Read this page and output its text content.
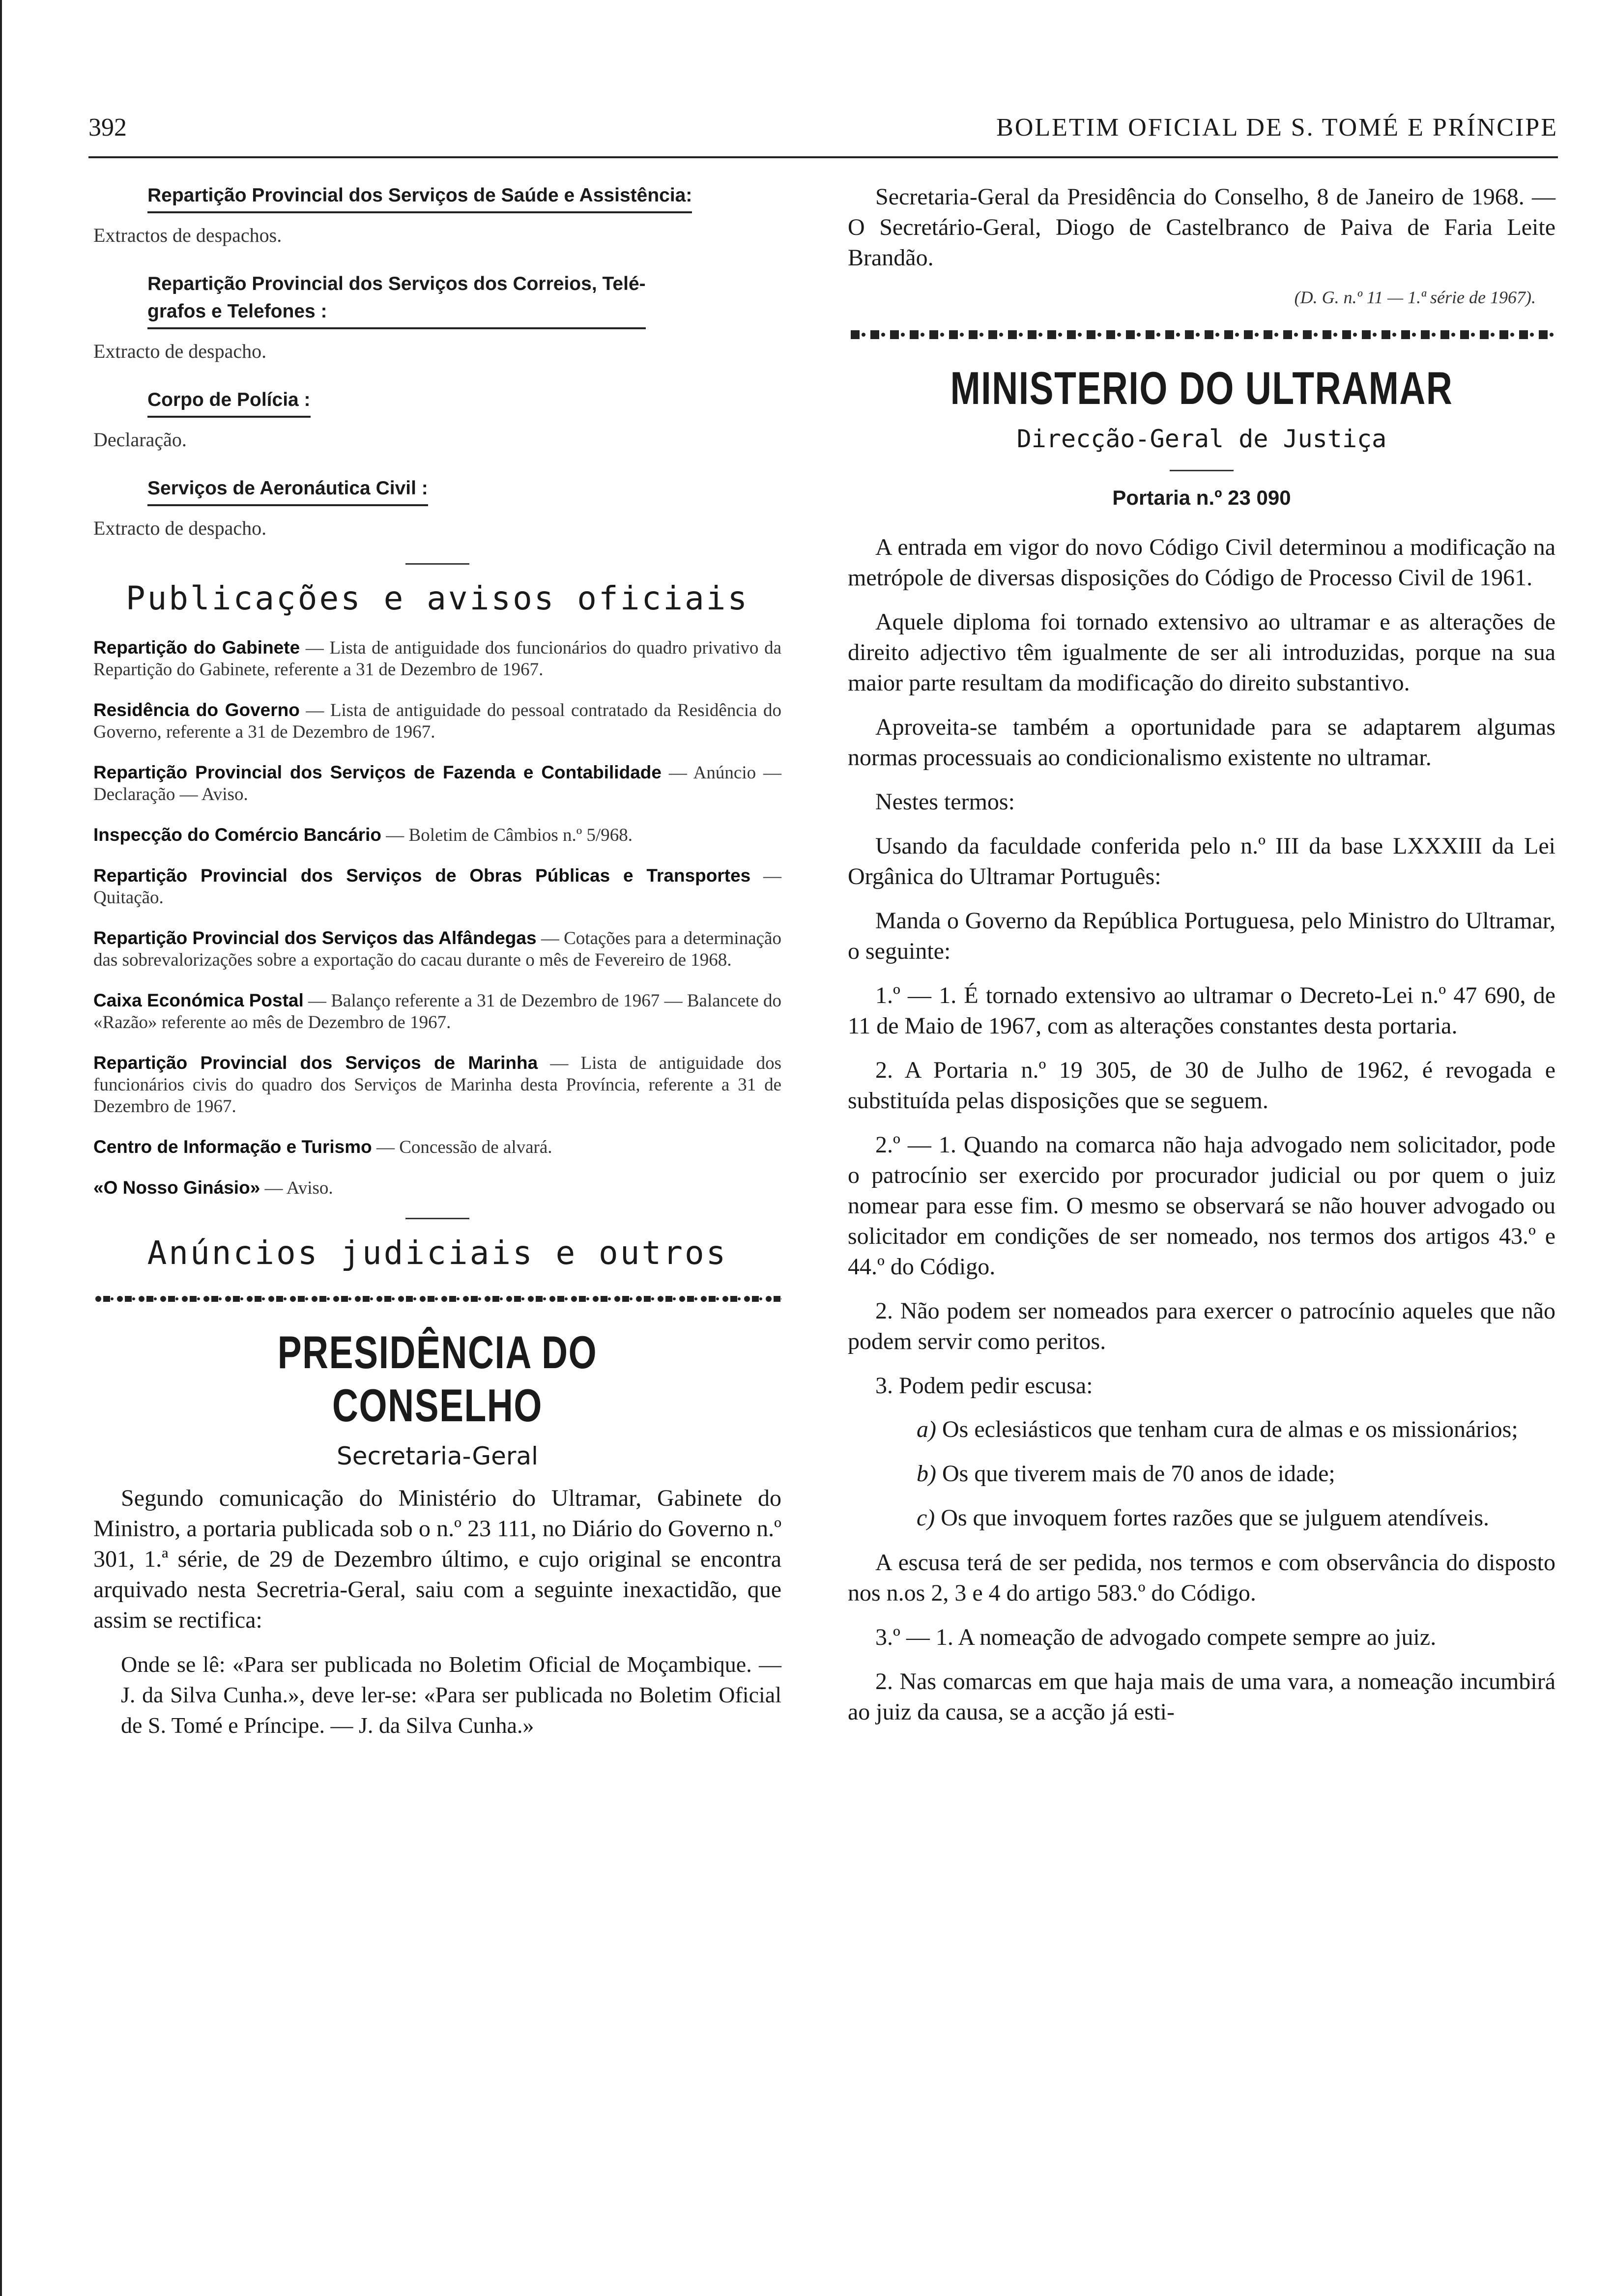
392	BOLETIM OFICIAL DE S. TOMÉ E PRÍNCIPE
Repartição Provincial dos Serviços de Saúde e Assistência:
Extractos de despachos.
Repartição Provincial dos Serviços dos Correios, Telé-
grafos e Telefones :
Extracto de despacho.
Corpo de Polícia :
Declaração.
Serviços de Aeronáutica Civil :
Extracto de despacho.
Publicações e avisos oficiais
Repartição do Gabinete — Lista de antiguidade dos funcionários do quadro privativo da Repartição do Gabinete, referente a 31 de Dezembro de 1967.
Residência do Governo — Lista de antiguidade do pessoal contratado da Residência do Governo, referente a 31 de Dezembro de 1967.
Repartição Provincial dos Serviços de Fazenda e Contabilidade — Anúncio — Declaração — Aviso.
Inspecção do Comércio Bancário — Boletim de Câmbios n.º 5/968.
Repartição Provincial dos Serviços de Obras Públicas e Transportes — Quitação.
Repartição Provincial dos Serviços das Alfândegas — Cotações para a determinação das sobrevalorizações sobre a exportação do cacau durante o mês de Fevereiro de 1968.
Caixa Económica Postal — Balanço referente a 31 de Dezembro de 1967 — Balancete do «Razão» referente ao mês de Dezembro de 1967.
Repartição Provincial dos Serviços de Marinha — Lista de antiguidade dos funcionários civis do quadro dos Serviços de Marinha desta Província, referente a 31 de Dezembro de 1967.
Centro de Informação e Turismo — Concessão de alvará.
«O Nosso Ginásio» — Aviso.
Anúncios judiciais e outros
PRESIDÊNCIA DO CONSELHO
Secretaria-Geral

Segundo comunicação do Ministério do Ultramar, Gabinete do Ministro, a portaria publicada sob o n.º 23 111, no Diário do Governo n.º 301, 1.ª série, de 29 de Dezembro último, e cujo original se encontra arquivado nesta Secretria-Geral, saiu com a seguinte inexactidão, que assim se rectifica:

Onde se lê: «Para ser publicada no Boletim Oficial de Moçambique. — J. da Silva Cunha.», deve ler-se: «Para ser publicada no Boletim Oficial de S. Tomé e Príncipe. — J. da Silva Cunha.»

Secretaria-Geral da Presidência do Conselho, 8 de Janeiro de 1968. — O Secretário-Geral, Diogo de Castelbranco de Paiva de Faria Leite Brandão.

(D. G. n.º 11 — 1.ª série de 1967).
MINISTERIO DO ULTRAMAR
Direcção-Geral de Justiça
Portaria n.º 23 090

A entrada em vigor do novo Código Civil determinou a modificação na metrópole de diversas disposições do Código de Processo Civil de 1961.

Aquele diploma foi tornado extensivo ao ultramar e as alterações de direito adjectivo têm igualmente de ser ali introduzidas, porque na sua maior parte resultam da modificação do direito substantivo.

Aproveita-se também a oportunidade para se adaptarem algumas normas processuais ao condicionalismo existente no ultramar.

Nestes termos:

Usando da faculdade conferida pelo n.º III da base LXXXIII da Lei Orgânica do Ultramar Português:

Manda o Governo da República Portuguesa, pelo Ministro do Ultramar, o seguinte:

1.º — 1. É tornado extensivo ao ultramar o Decreto-Lei n.º 47 690, de 11 de Maio de 1967, com as alterações constantes desta portaria.

2. A Portaria n.º 19 305, de 30 de Julho de 1962, é revogada e substituída pelas disposições que se seguem.

2.º — 1. Quando na comarca não haja advogado nem solicitador, pode o patrocínio ser exercido por procurador judicial ou por quem o juiz nomear para esse fim. O mesmo se observará se não houver advogado ou solicitador em condições de ser nomeado, nos termos dos artigos 43.º e 44.º do Código.

2. Não podem ser nomeados para exercer o patrocínio aqueles que não podem servir como peritos.

3. Podem pedir escusa:

a) Os eclesiásticos que tenham cura de almas e os missionários;
b) Os que tiverem mais de 70 anos de idade;
c) Os que invoquem fortes razões que se julguem atendíveis.

A escusa terá de ser pedida, nos termos e com observância do disposto nos n.os 2, 3 e 4 do artigo 583.º do Código.

3.º — 1. A nomeação de advogado compete sempre ao juiz.

2. Nas comarcas em que haja mais de uma vara, a nomeação incumbirá ao juiz da causa, se a acção já esti-
